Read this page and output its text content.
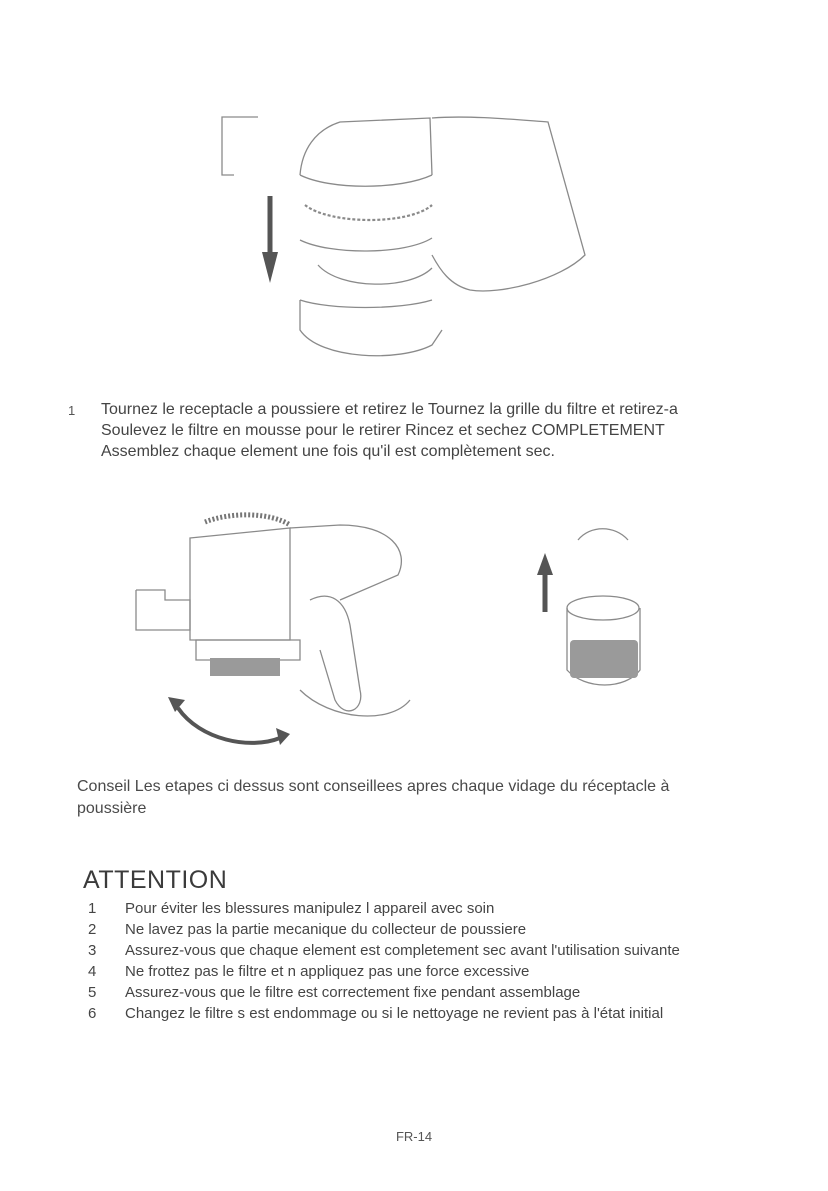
1 Tournez le receptacle a poussiere et retirez le Tournez la grille du filtre et retirez-a Soulevez le filtre en mousse pour le retirer Rincez et sechez COMPLETEMENT Assemblez chaque element une fois qu'il est complètement sec.
Conseil Les etapes ci dessus sont conseillees apres chaque vidage du réceptacle à poussière
ATTENTION
1	Pour éviter les blessures manipulez l appareil avec soin
2	Ne lavez pas la partie mecanique du collecteur de poussiere
3	Assurez-vous que chaque element est completement sec avant l'utilisation suivante
4	Ne frottez pas le filtre et n appliquez pas une force excessive
5	Assurez-vous que le filtre est correctement fixe pendant assemblage
6	Changez le filtre s est endommage ou si le nettoyage ne revient pas à l'état initial
FR-14
